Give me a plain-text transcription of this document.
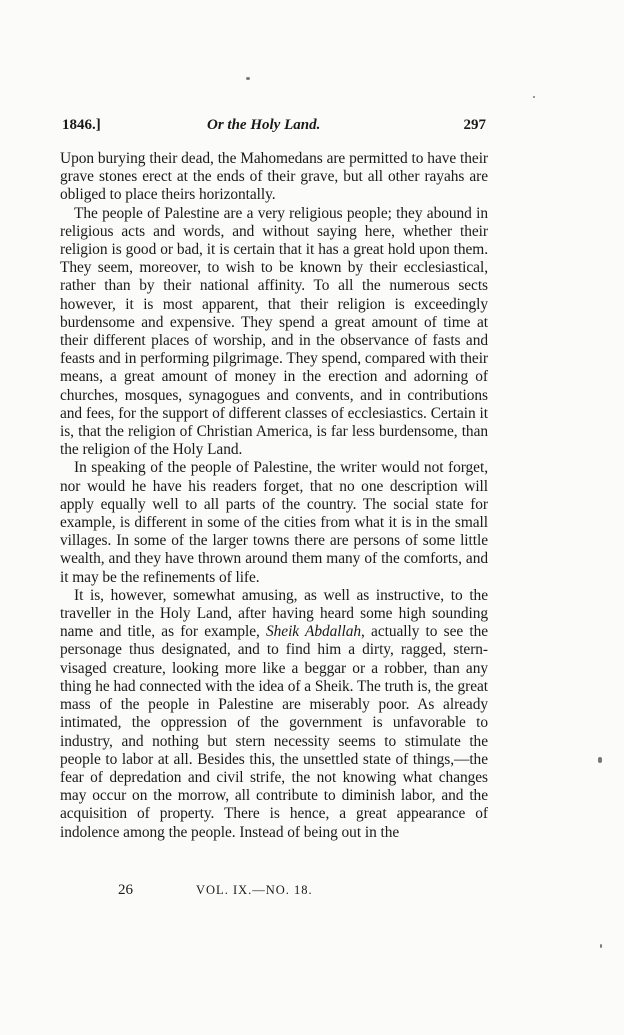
1846.]	Or the Holy Land.	297

Upon burying their dead, the Mahomedans are permitted to have their grave stones erect at the ends of their grave, but all other rayahs are obliged to place theirs horizontally.

The people of Palestine are a very religious people; they abound in religious acts and words, and without saying here, whether their religion is good or bad, it is certain that it has a great hold upon them. They seem, moreover, to wish to be known by their ecclesiastical, rather than by their national affinity. To all the numerous sects however, it is most apparent, that their religion is exceedingly burdensome and expensive. They spend a great amount of time at their different places of worship, and in the observance of fasts and feasts and in performing pilgrimage. They spend, compared with their means, a great amount of money in the erection and adorning of churches, mosques, synagogues and convents, and in contributions and fees, for the support of different classes of ecclesiastics. Certain it is, that the religion of Christian America, is far less burdensome, than the religion of the Holy Land.

In speaking of the people of Palestine, the writer would not forget, nor would he have his readers forget, that no one description will apply equally well to all parts of the country. The social state for example, is different in some of the cities from what it is in the small villages. In some of the larger towns there are persons of some little wealth, and they have thrown around them many of the comforts, and it may be the refinements of life.

It is, however, somewhat amusing, as well as instructive, to the traveller in the Holy Land, after having heard some high sounding name and title, as for example, Sheik Abdallah, actually to see the personage thus designated, and to find him a dirty, ragged, stern-visaged creature, looking more like a beggar or a robber, than any thing he had connected with the idea of a Sheik. The truth is, the great mass of the people in Palestine are miserably poor. As already intimated, the oppression of the government is unfavorable to industry, and nothing but stern necessity seems to stimulate the people to labor at all. Besides this, the unsettled state of things,—the fear of depredation and civil strife, the not knowing what changes may occur on the morrow, all contribute to diminish labor, and the acquisition of property. There is hence, a great appearance of indolence among the people. Instead of being out in the

26	VOL. IX.—NO. 18.
